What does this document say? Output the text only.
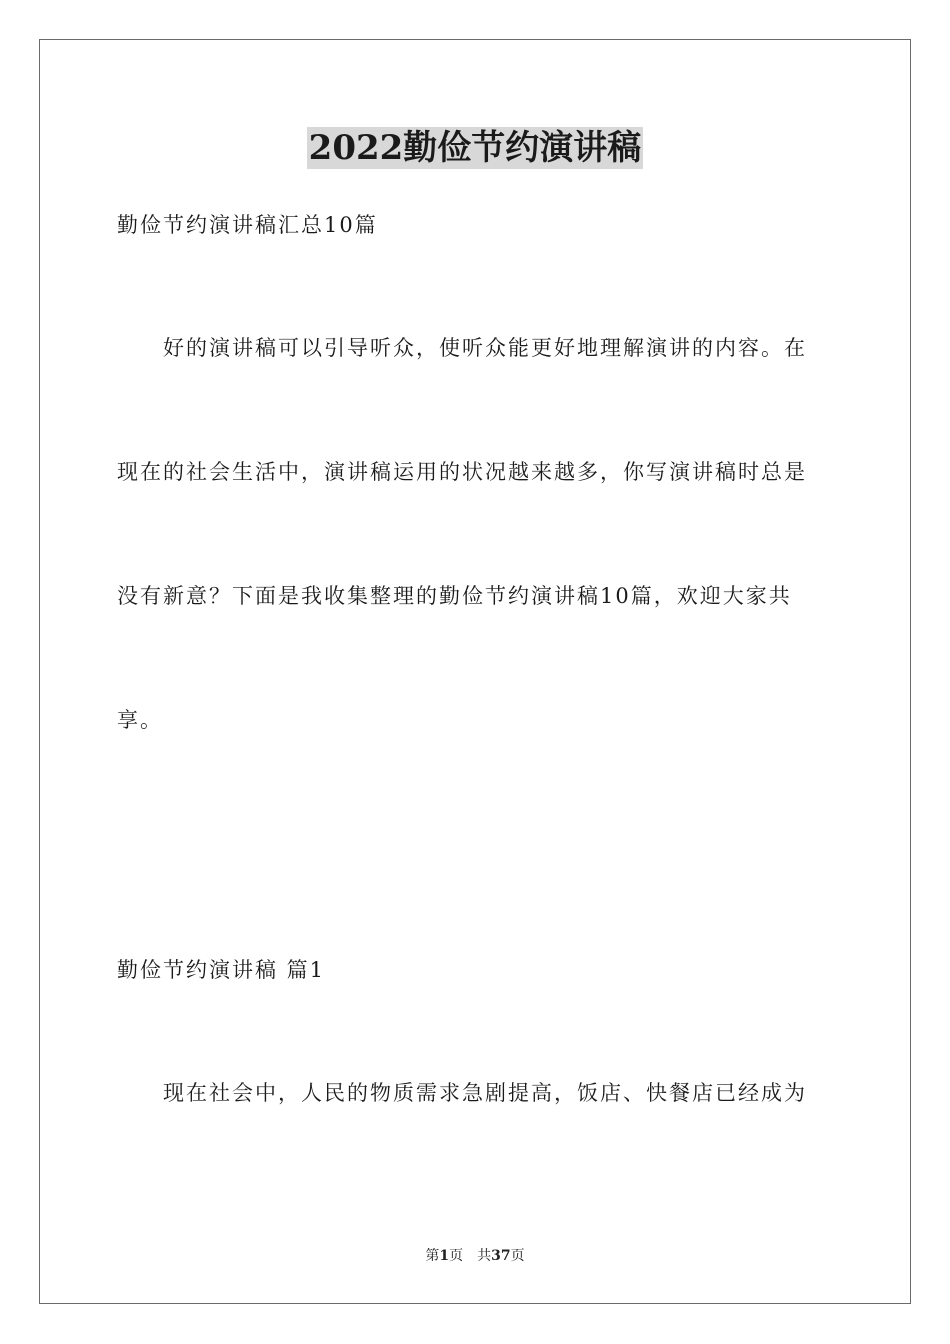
2022勤俭节约演讲稿

勤俭节约演讲稿汇总10篇

　　好的演讲稿可以引导听众，使听众能更好地理解演讲的内容。在

现在的社会生活中，演讲稿运用的状况越来越多，你写演讲稿时总是

没有新意？下面是我收集整理的勤俭节约演讲稿10篇，欢迎大家共

享。

勤俭节约演讲稿 篇1

　　现在社会中，人民的物质需求急剧提高，饭店、快餐店已经成为

第1页 共37页
